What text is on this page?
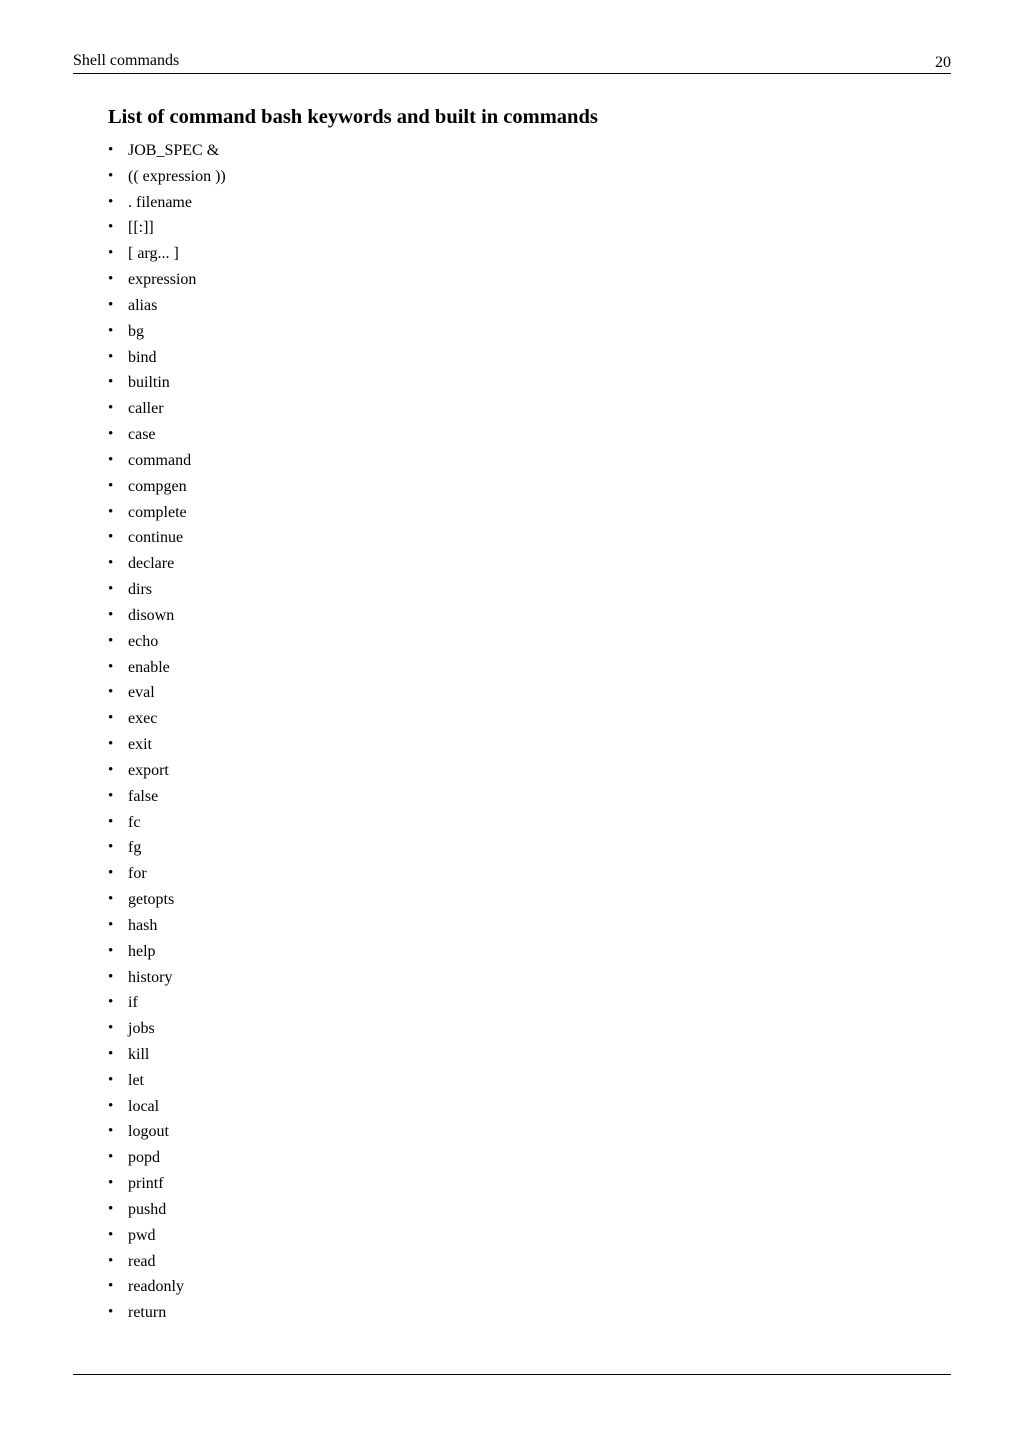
Shell commands	20
List of command bash keywords and built in commands
• JOB_SPEC &
• (( expression ))
• . filename
• [[:]]
• [ arg... ]
• expression
• alias
• bg
• bind
• builtin
• caller
• case
• command
• compgen
• complete
• continue
• declare
• dirs
• disown
• echo
• enable
• eval
• exec
• exit
• export
• false
• fc
• fg
• for
• getopts
• hash
• help
• history
• if
• jobs
• kill
• let
• local
• logout
• popd
• printf
• pushd
• pwd
• read
• readonly
• return
